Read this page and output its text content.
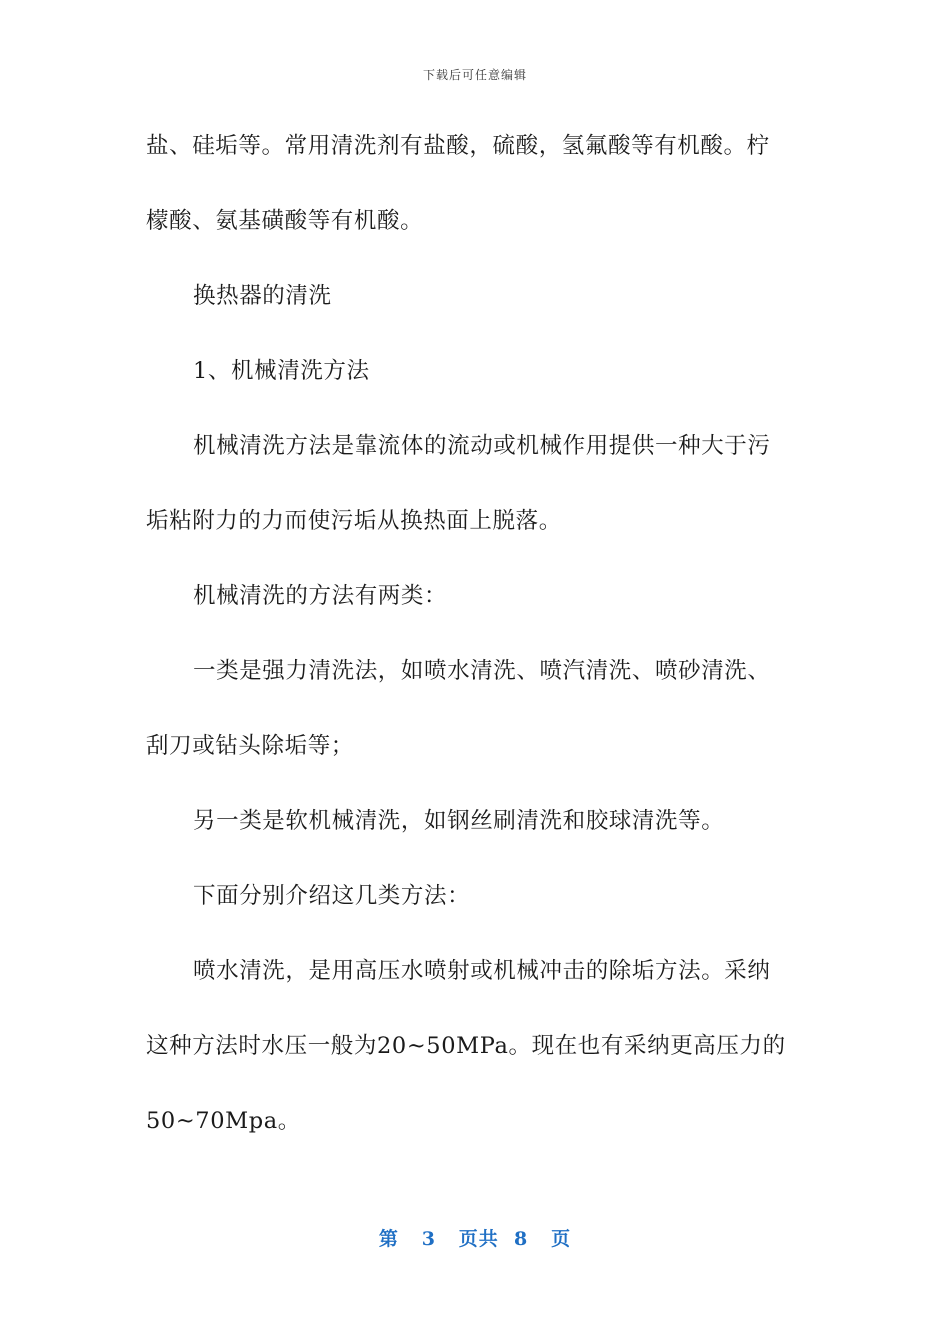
下载后可任意编辑
盐、硅垢等。常用清洗剂有盐酸，硫酸，氢氟酸等有机酸。柠
檬酸、氨基磺酸等有机酸。
换热器的清洗
1、机械清洗方法
机械清洗方法是靠流体的流动或机械作用提供一种大于污
垢粘附力的力而使污垢从换热面上脱落。
机械清洗的方法有两类：
一类是强力清洗法，如喷水清洗、喷汽清洗、喷砂清洗、
刮刀或钻头除垢等；
另一类是软机械清洗，如钢丝刷清洗和胶球清洗等。
下面分别介绍这几类方法：
喷水清洗，是用高压水喷射或机械冲击的除垢方法。采纳
这种方法时水压一般为20~50MPa。现在也有采纳更高压力的
50~70Mpa。
第 3 页共 8 页
